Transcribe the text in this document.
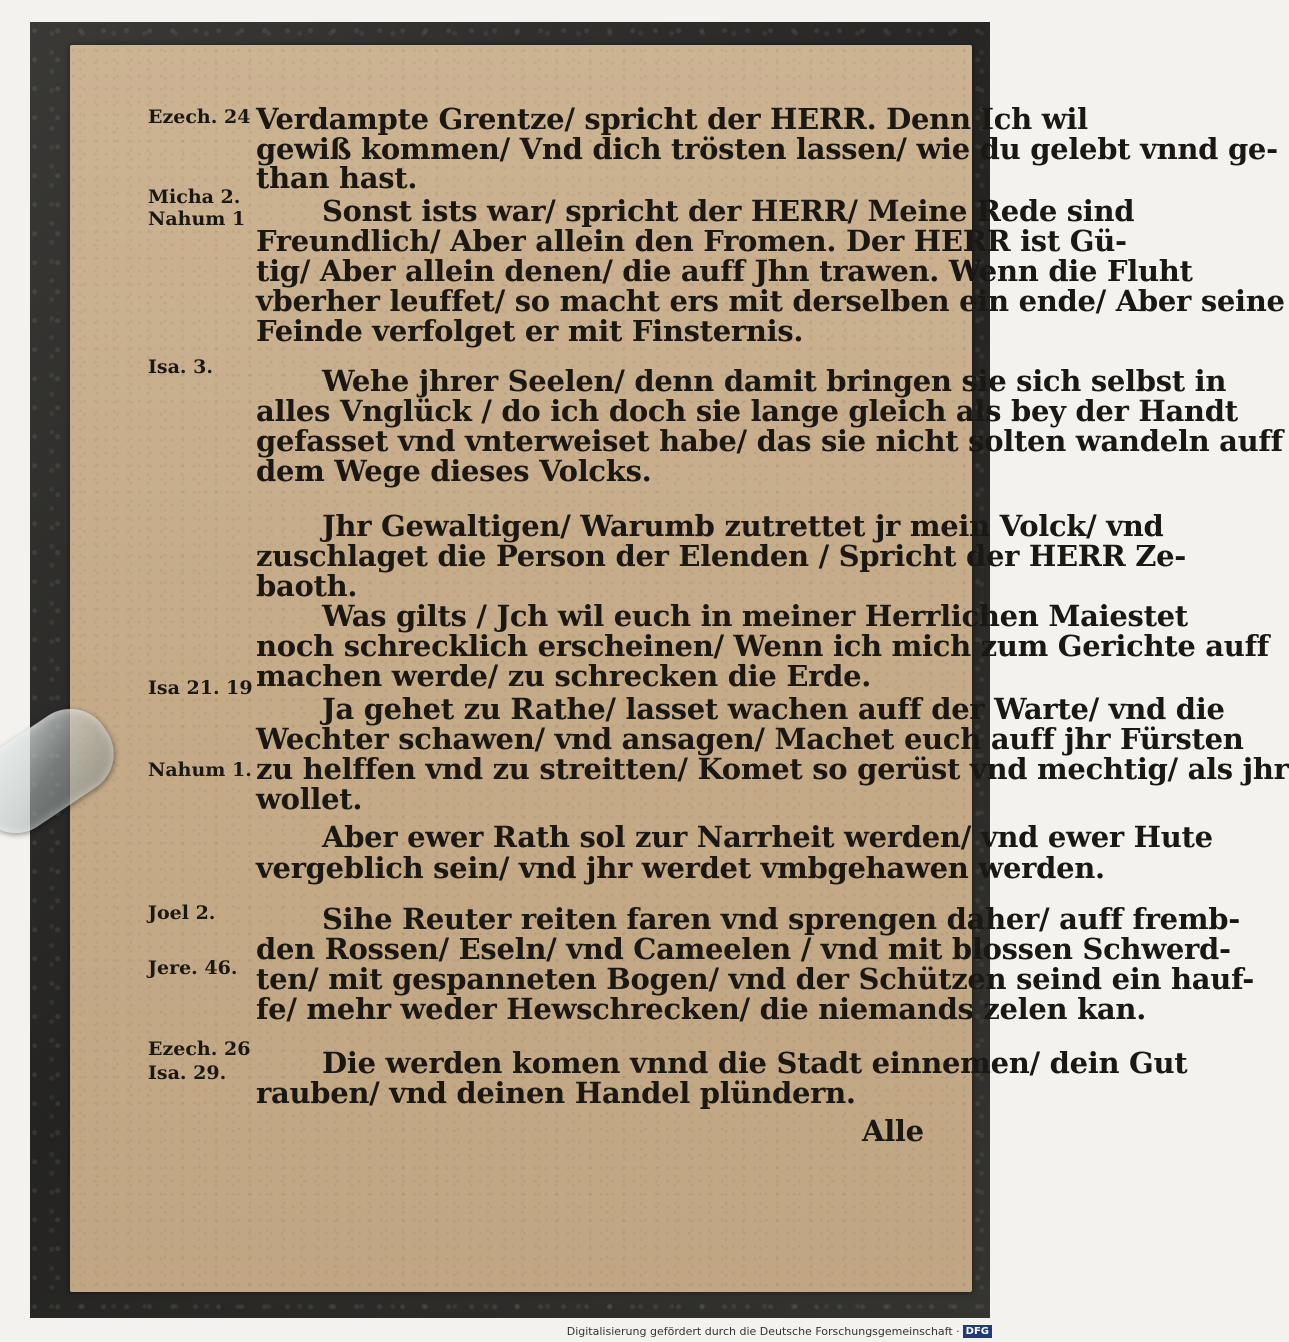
Ezech. 24
Micha 2.
Nahum 1
Isa. 3.
Isa 21. 19
Nahum 1.
Joel 2.
Jere. 46.
Ezech. 26
Isa. 29.
Verdampte Grentze/ spricht der HERR. Denn Ich wil
gewiß kommen/ Vnd dich trösten lassen/ wie du gelebt vnnd ge-
than hast.
Sonst ists war/ spricht der HERR/ Meine Rede sind
Freundlich/ Aber allein den Fromen. Der HERR ist Gü-
tig/ Aber allein denen/ die auff Jhn trawen. Wenn die Fluht
vberher leuffet/ so macht ers mit derselben ein ende/ Aber seine
Feinde verfolget er mit Finsternis.
Wehe jhrer Seelen/ denn damit bringen sie sich selbst in
alles Vnglück / do ich doch sie lange gleich als bey der Handt
gefasset vnd vnterweiset habe/ das sie nicht solten wandeln auff
dem Wege dieses Volcks.
Jhr Gewaltigen/ Warumb zutrettet jr mein Volck/ vnd
zuschlaget die Person der Elenden / Spricht der HERR Ze-
baoth.
Was gilts / Jch wil euch in meiner Herrlichen Maiestet
noch schrecklich erscheinen/ Wenn ich mich zum Gerichte auff
machen werde/ zu schrecken die Erde.
Ja gehet zu Rathe/ lasset wachen auff der Warte/ vnd die
Wechter schawen/ vnd ansagen/ Machet euch auff jhr Fürsten
zu helffen vnd zu streitten/ Komet so gerüst vnd mechtig/ als jhr
wollet.
Aber ewer Rath sol zur Narrheit werden/ vnd ewer Hute
vergeblich sein/ vnd jhr werdet vmbgehawen werden.
Sihe Reuter reiten faren vnd sprengen daher/ auff fremb-
den Rossen/ Eseln/ vnd Cameelen / vnd mit blossen Schwerd-
ten/ mit gespanneten Bogen/ vnd der Schützen seind ein hauf-
fe/ mehr weder Hewschrecken/ die niemands zelen kan.
Die werden komen vnnd die Stadt einnemen/ dein Gut
rauben/ vnd deinen Handel plündern.
Alle
Digitalisierung gefördert durch die Deutsche Forschungsgemeinschaft · DFG
